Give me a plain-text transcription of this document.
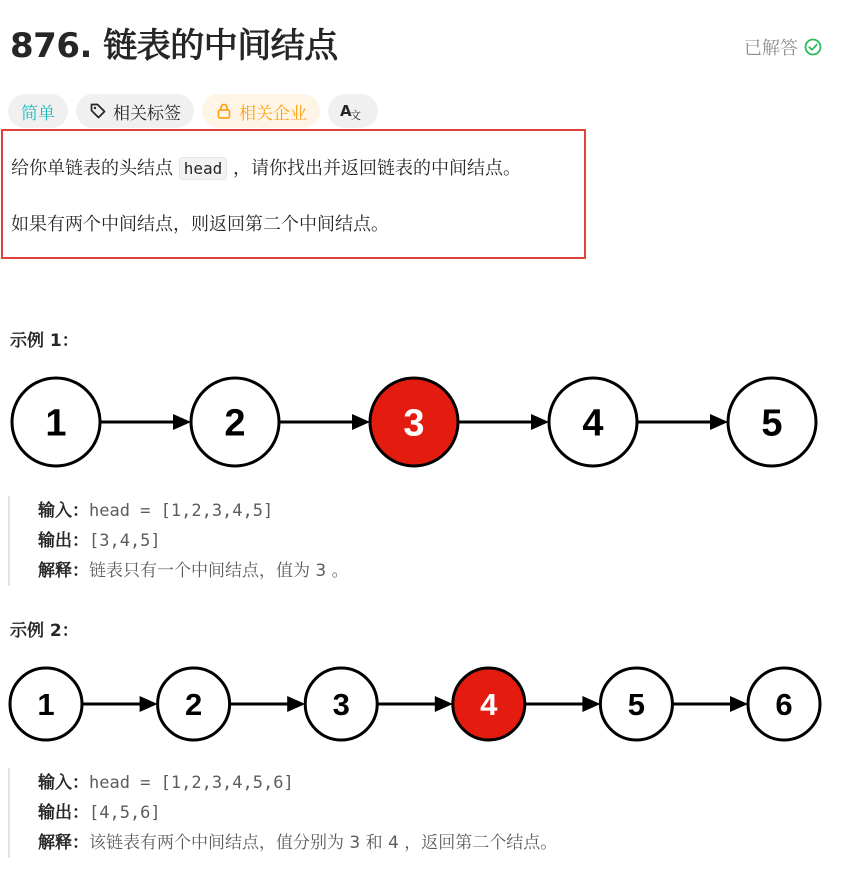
876. 链表的中间结点	已解答
简单	相关标签	相关企业 A
文

给你单链表的头结点 head ，请你找出并返回链表的中间结点。

如果有两个中间结点，则返回第二个中间结点。

示例 1：

1	2	3	4	5
输入：head = [1,2,3,4,5]
输出：[3,4,5]
解释：链表只有一个中间结点，值为 3 。

示例 2：

1	2	3	4	5	6
输入：head = [1,2,3,4,5,6]
输出：[4,5,6]
解释：该链表有两个中间结点，值分别为 3 和 4 ，返回第二个结点。
